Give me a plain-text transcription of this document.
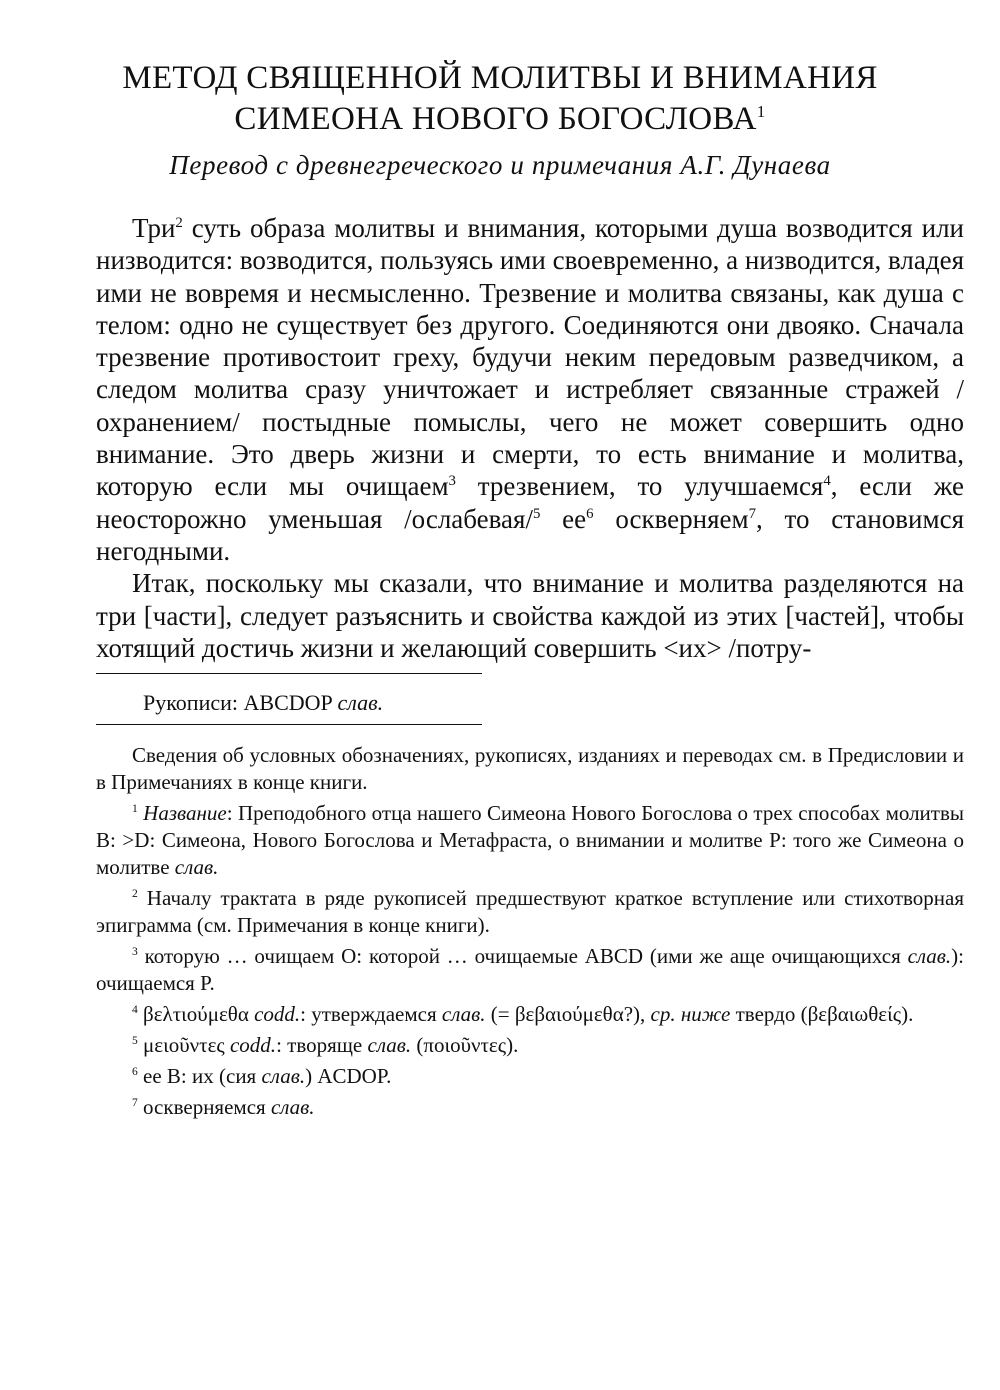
МЕТОД СВЯЩЕННОЙ МОЛИТВЫ И ВНИМАНИЯ
СИМЕОНА НОВОГО БОГОСЛОВА$^1$
Перевод с древнегреческого и примечания А.Г. Дунаева

Три$^2$ суть образа молитвы и внимания, которыми душа возводится или низводится: возводится, пользуясь ими своевременно, а низводится, владея ими не вовремя и несмысленно. Трезвение и молитва связаны, как душа с телом: одно не существует без другого. Соединяются они двояко. Сначала трезвение противостоит греху, будучи неким передовым разведчиком, а следом молитва сразу уничтожает и истребляет связанные стражей /охранением/ постыдные помыслы, чего не может совершить одно внимание. Это дверь жизни и смерти, то есть внимание и молитва, которую если мы очищаем$^3$ трезвением, то улучшаемся$^4$, если же неосторожно уменьшая /ослабевая/$^5$ $ее^6$ оскверняем$^7$, то становимся негодными.

Итак, поскольку мы сказали, что внимание и молитва разделяются на три [части], следует разъяснить и свойства каждой из этих [частей], чтобы хотящий достичь жизни и желающий совершить <их> /потру-

Рукописи: ABCDOP слав.

Сведения об условных обозначениях, рукописях, изданиях и переводах см. в Предисловии и в Примечаниях в конце книги.

$^1$ Название: Преподобного отца нашего Симеона Нового Богослова о трех способах молитвы B: >D: Симеона, Нового Богослова и Метафраста, о внимании и молитве P: того же Симеона о молитве слав.

$^2$ Началу трактата в ряде рукописей предшествуют краткое вступление или стихотворная эпиграмма (см. Примечания в конце книги).

$^3$ которую … очищаем O: которой … очищаемые ABCD (ими же аще очищающихся слав.): очищаемся P.

$^4$ βελτιούμεθα codd.: утверждаемся слав. (= βεβαιούμεθα?), ср. ниже твердо (βεβαιωθείς).

$^5$ μειοῦντες codd.: творяще слав. (ποιοῦντες).

$^6$ ее B: их (сия слав.) ACDOP.

$^7$ оскверняемся слав.
